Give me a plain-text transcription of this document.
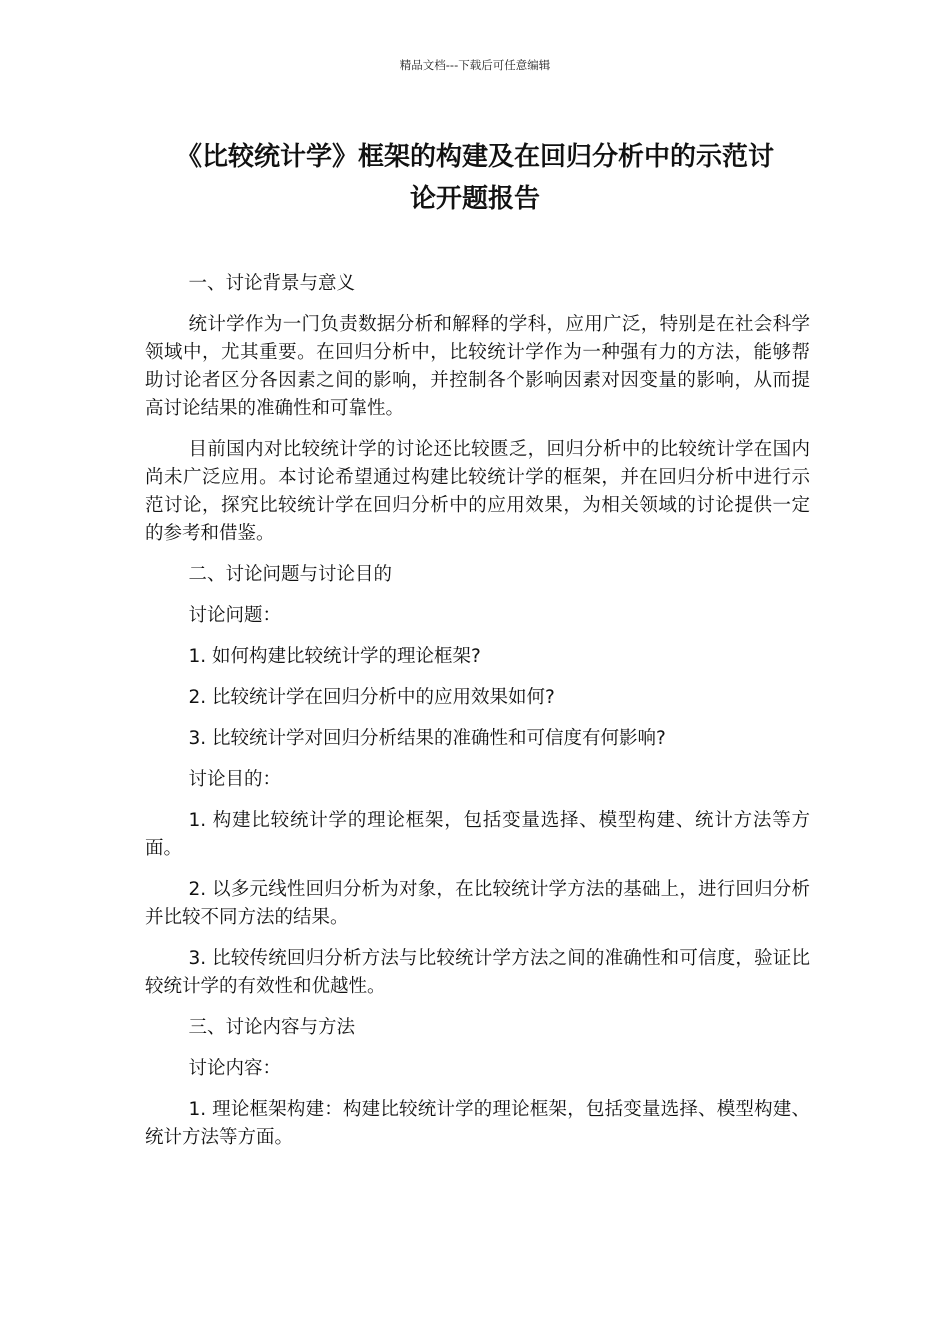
精品文档---下载后可任意编辑
《比较统计学》框架的构建及在回归分析中的示范讨
论开题报告

一、讨论背景与意义

统计学作为一门负责数据分析和解释的学科，应用广泛，特别是在社会科学领域中，尤其重要。在回归分析中，比较统计学作为一种强有力的方法，能够帮助讨论者区分各因素之间的影响，并控制各个影响因素对因变量的影响，从而提高讨论结果的准确性和可靠性。

目前国内对比较统计学的讨论还比较匮乏，回归分析中的比较统计学在国内尚未广泛应用。本讨论希望通过构建比较统计学的框架，并在回归分析中进行示范讨论，探究比较统计学在回归分析中的应用效果，为相关领域的讨论提供一定的参考和借鉴。

二、讨论问题与讨论目的

讨论问题：

1. 如何构建比较统计学的理论框架?

2. 比较统计学在回归分析中的应用效果如何?

3. 比较统计学对回归分析结果的准确性和可信度有何影响?

讨论目的：

1. 构建比较统计学的理论框架，包括变量选择、模型构建、统计方法等方面。

2. 以多元线性回归分析为对象，在比较统计学方法的基础上，进行回归分析并比较不同方法的结果。

3. 比较传统回归分析方法与比较统计学方法之间的准确性和可信度，验证比较统计学的有效性和优越性。

三、讨论内容与方法

讨论内容：

1. 理论框架构建：构建比较统计学的理论框架，包括变量选择、模型构建、统计方法等方面。
